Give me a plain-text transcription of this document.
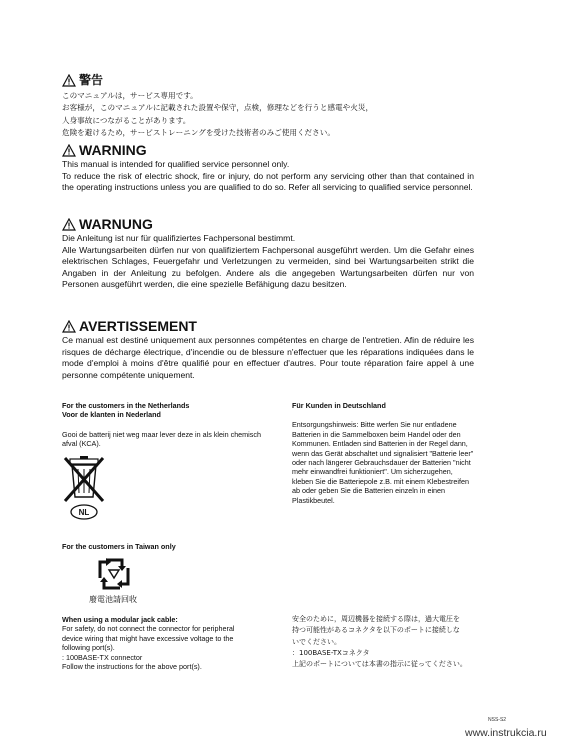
警告
このマニュアルは，サービス専用です。
お客様が，このマニュアルに記載された設置や保守，点検，修理などを行うと感電や火災，
人身事故につながることがあります。
危険を避けるため，サービストレーニングを受けた技術者のみご使用ください。
WARNING
This manual is intended for qualified service personnel only.
To reduce the risk of electric shock, fire or injury, do not perform any servicing other than that contained in the operating instructions unless you are qualified to do so. Refer all servicing to qualified service personnel.
WARNUNG
Die Anleitung ist nur für qualifiziertes Fachpersonal bestimmt.
Alle Wartungsarbeiten dürfen nur von qualifiziertem Fachpersonal ausgeführt werden. Um die Gefahr eines elektrischen Schlages, Feuergefahr und Verletzungen zu vermeiden, sind bei Wartungsarbeiten strikt die Angaben in der Anleitung zu befolgen. Andere als die angegeben Wartungsarbeiten dürfen nur von Personen ausgeführt werden, die eine spezielle Befähigung dazu besitzen.
AVERTISSEMENT
Ce manual est destiné uniquement aux personnes compétentes en charge de l'entretien. Afin de réduire les risques de décharge électrique, d'incendie ou de blessure n'effectuer que les réparations indiquées dans le mode d'emploi à moins d'être qualifié pour en effectuer d'autres. Pour toute réparation faire appel à une personne compétente uniquement.
For the customers in the Netherlands
Voor de klanten in Nederland
Gooi de batterij niet weg maar lever deze in als klein chemisch afval (KCA).
NL
Für Kunden in Deutschland
Entsorgungshinweis: Bitte werfen Sie nur entladene Batterien in die Sammelboxen beim Handel oder den Kommunen. Entladen sind Batterien in der Regel dann, wenn das Gerät abschaltet und signalisiert "Batterie leer" oder nach längerer Gebrauchsdauer der Batterien "nicht mehr einwandfrei funktioniert". Um sicherzugehen, kleben Sie die Batteriepole z.B. mit einem Klebestreifen ab oder geben Sie die Batterien einzeln in einen Plastikbeutel.
For the customers in Taiwan only
廢電池請回收
When using a modular jack cable:
For safety, do not connect the connector for peripheral
device wiring that might have excessive voltage to the
following port(s).
: 100BASE-TX connector
Follow the instructions for the above port(s).
安全のために，周辺機器を接続する際は，過大電圧を
持つ可能性があるコネクタを以下のポートに接続しな
いでください。
：100BASE-TXコネクタ
上記のポートについては本書の指示に従ってください。
NSS-S2
www.instrukcia.ru
